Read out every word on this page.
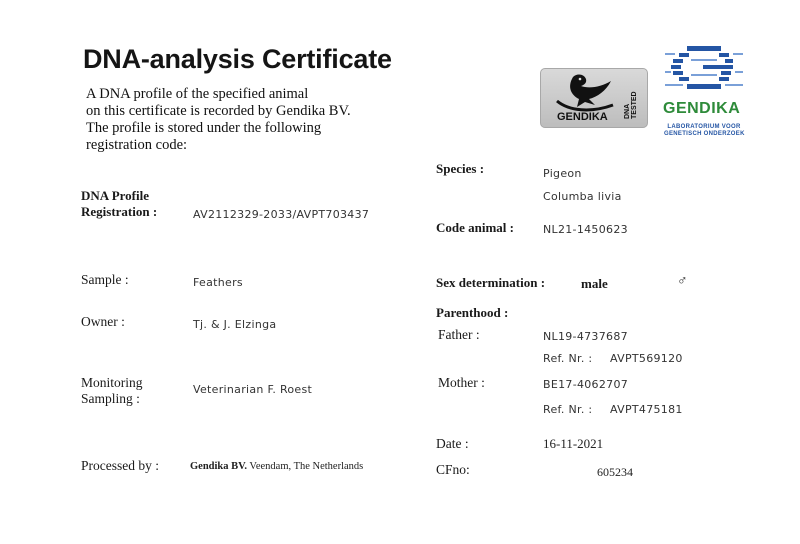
DNA-analysis Certificate
A DNA profile of the specified animal
on this certificate is recorded by Gendika BV.
The profile is stored under the following
registration code:
GENDIKA DNA TESTED GENDIKA
LABORATORIUM VOOR
GENETISCH ONDERZOEK
DNA Profile
Registration :	AV2112329-2033/AVPT703437
Sample :	Feathers
Owner :	Tj. & J. Elzinga
Monitoring
Sampling :
Veterinarian F. Roest
Processed by :	Gendika BV. Veendam, The Netherlands
Species :	Pigeon
Columba livia
Code animal :	NL21-1450623
Sex determination :	male	♂
Parenthood :
Father :	NL19-4737687
Ref. Nr. : AVPT569120
Mother :	BE17-4062707
Ref. Nr. : AVPT475181
Date :	16-11-2021
CFno:	605234
